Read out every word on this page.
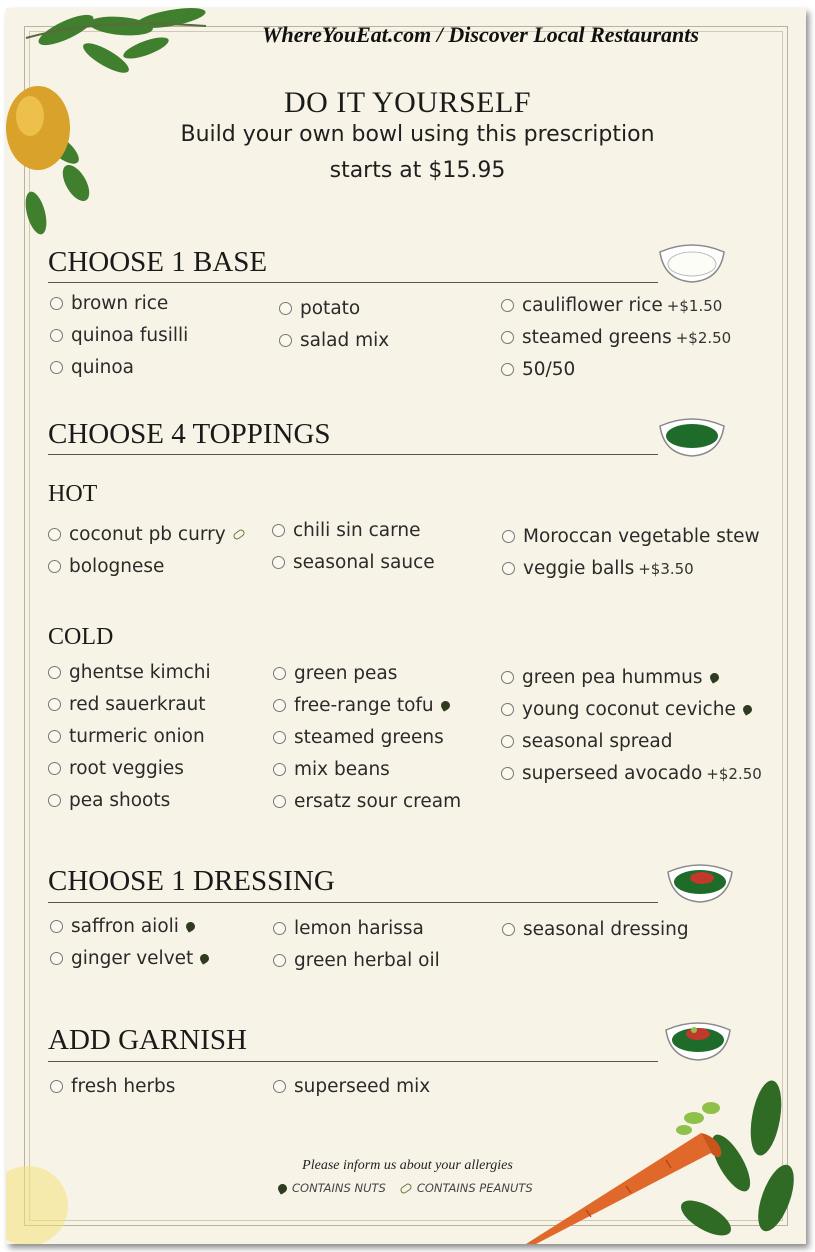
WhereYouEat.com / Discover Local Restaurants
DO IT YOURSELF
Build your own bowl using this prescription
starts at $15.95
CHOOSE 1 BASE
brown rice
quinoa fusilli
quinoa
potato
salad mix
cauliflower rice +$1.50
steamed greens +$2.50
50/50
CHOOSE 4 TOPPINGS
HOT
coconut pb curry
bolognese
chili sin carne
seasonal sauce
Moroccan vegetable stew
veggie balls +$3.50
COLD
ghentse kimchi
red sauerkraut
turmeric onion
root veggies
pea shoots
green peas
free-range tofu
steamed greens
mix beans
ersatz sour cream
green pea hummus
young coconut ceviche
seasonal spread
superseed avocado +$2.50
CHOOSE 1 DRESSING
saffron aioli
ginger velvet
lemon harissa
green herbal oil
seasonal dressing
ADD GARNISH
fresh herbs	superseed mix
Please inform us about your allergies
CONTAINS NUTS	CONTAINS PEANUTS
